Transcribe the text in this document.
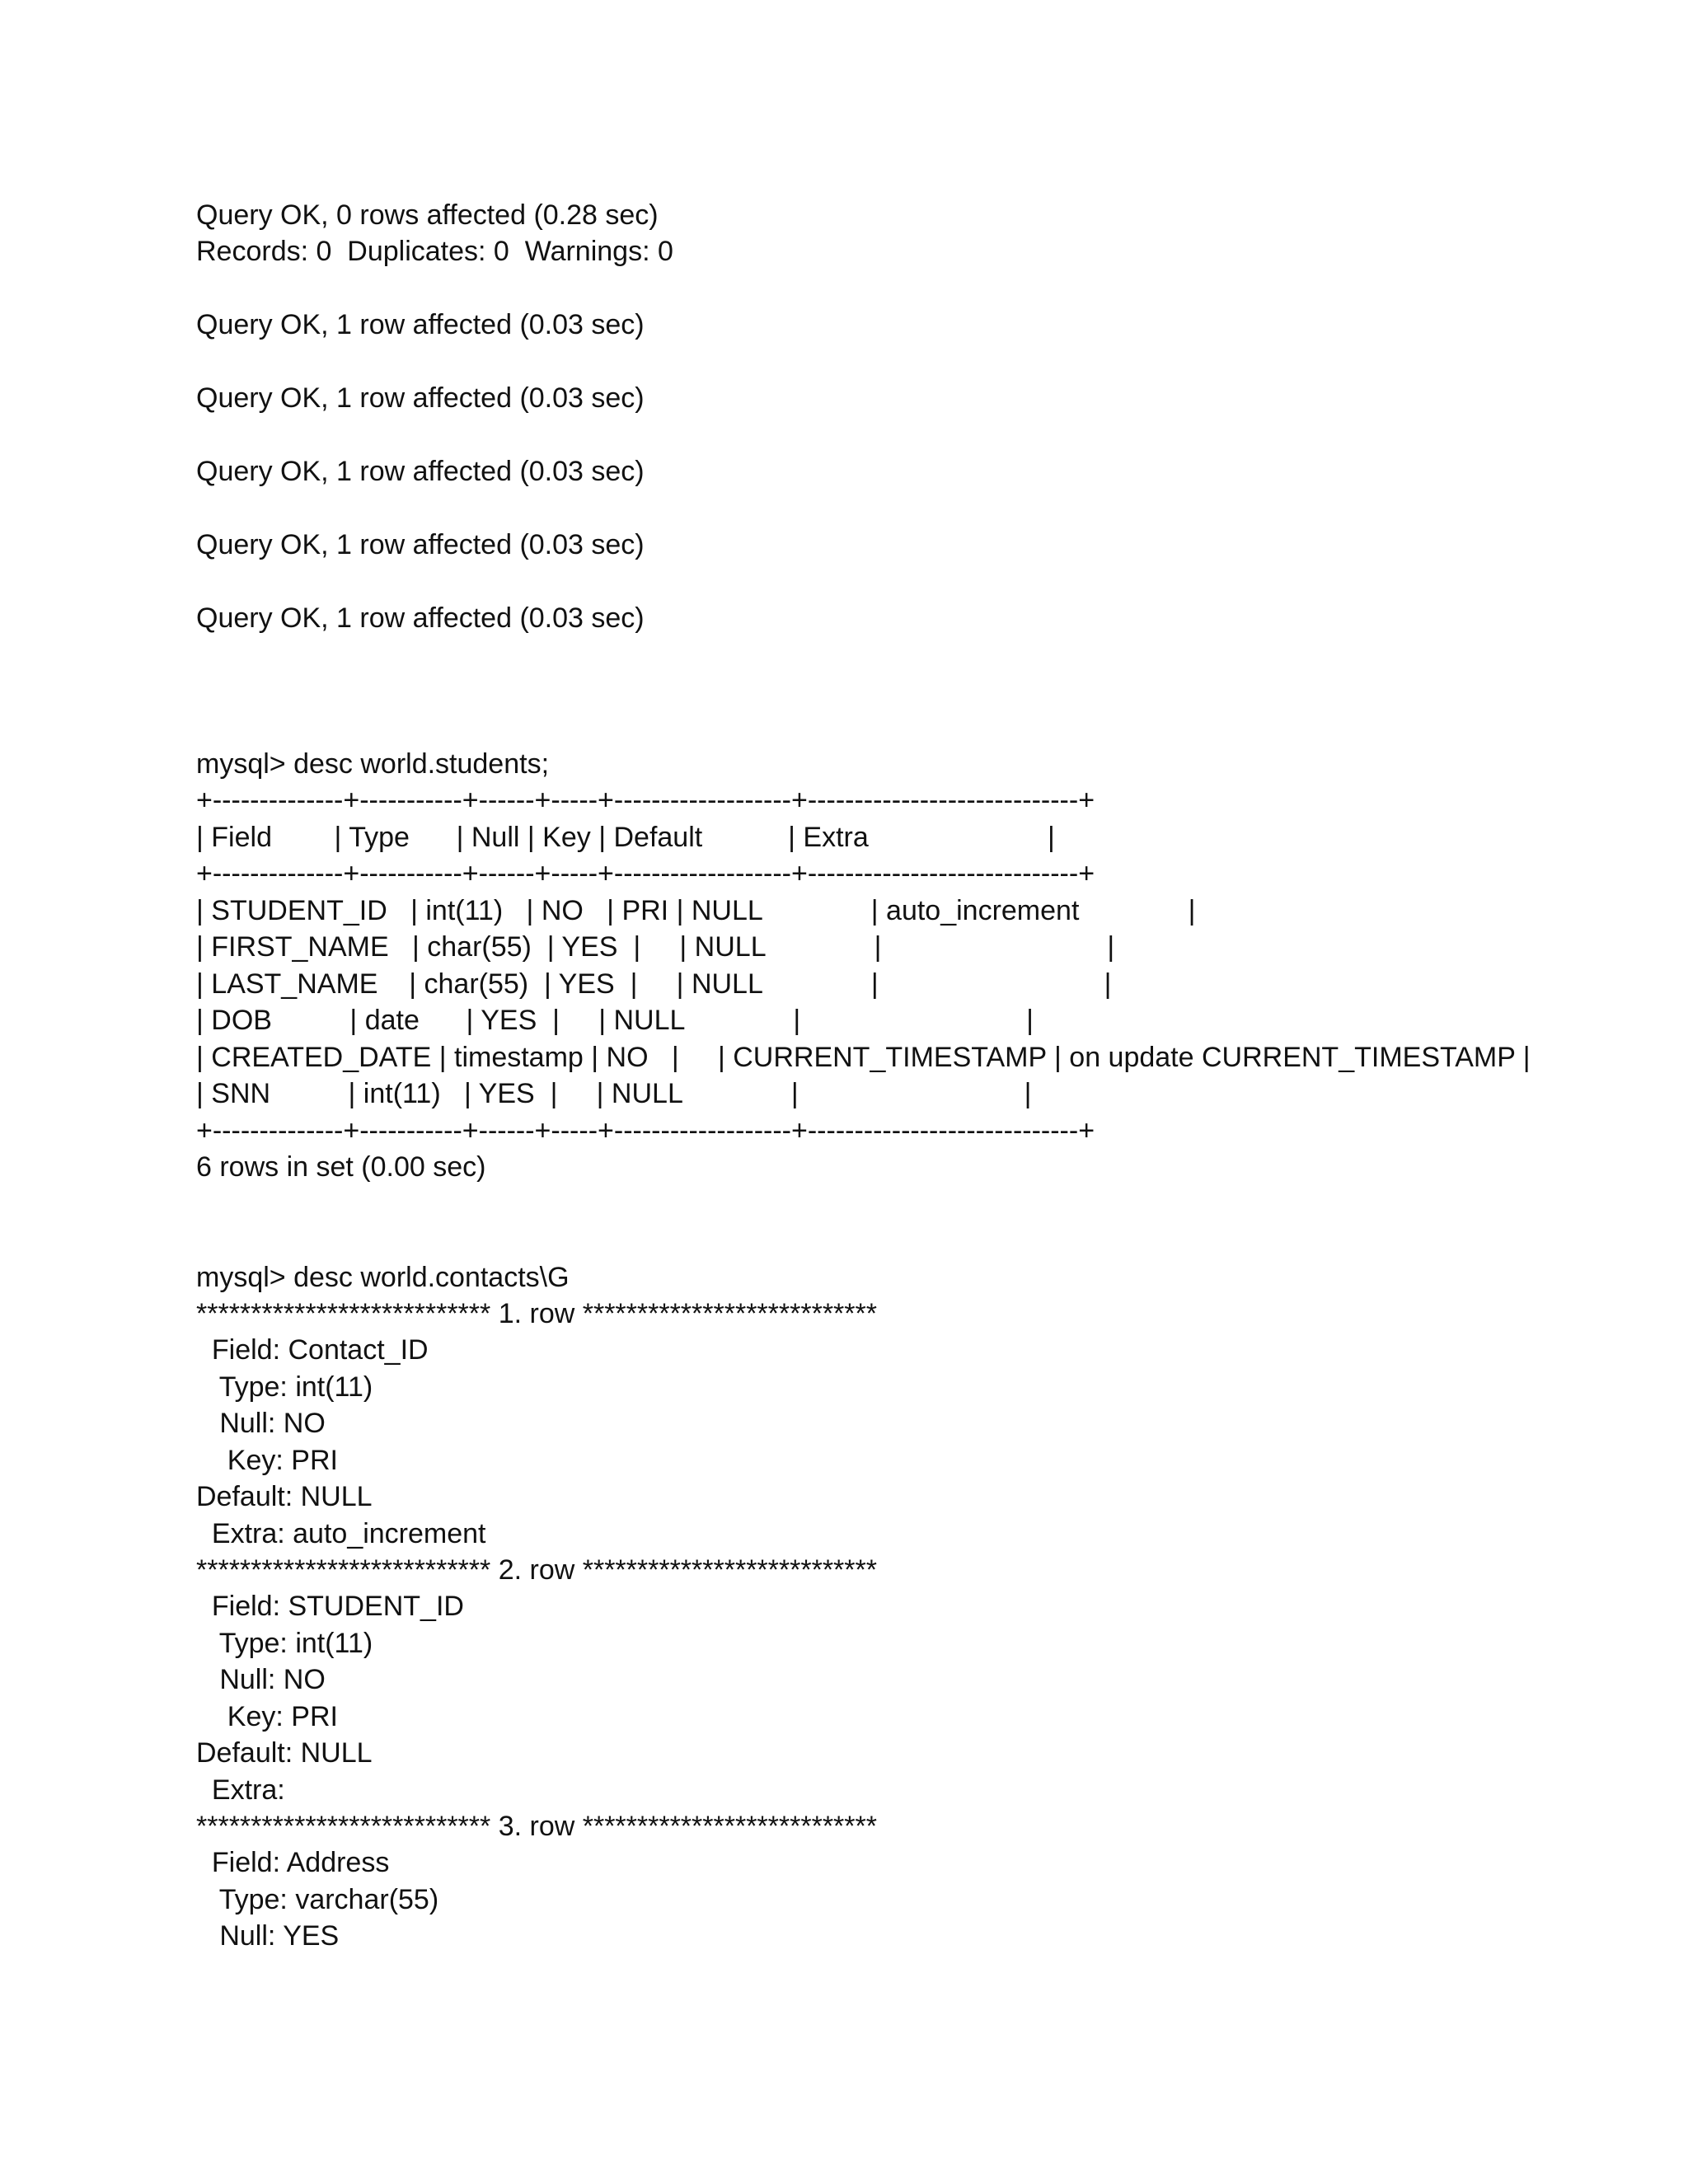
Query OK, 0 rows affected (0.28 sec)

Records: 0  Duplicates: 0  Warnings: 0

Query OK, 1 row affected (0.03 sec)

Query OK, 1 row affected (0.03 sec)

Query OK, 1 row affected (0.03 sec)

Query OK, 1 row affected (0.03 sec)

Query OK, 1 row affected (0.03 sec)

mysql> desc world.students;

+--------------+-----------+------+-----+-------------------+-----------------------------+

| Field        | Type      | Null | Key | Default           | Extra                       |

+--------------+-----------+------+-----+-------------------+-----------------------------+

| STUDENT_ID   | int(11)   | NO   | PRI | NULL              | auto_increment              |

| FIRST_NAME   | char(55)  | YES  |     | NULL              |                             |

| LAST_NAME    | char(55)  | YES  |     | NULL              |                             |

| DOB          | date      | YES  |     | NULL              |                             |

| CREATED_DATE | timestamp | NO   |     | CURRENT_TIMESTAMP | on update CURRENT_TIMESTAMP |

| SNN          | int(11)   | YES  |     | NULL              |                             |

+--------------+-----------+------+-----+-------------------+-----------------------------+

6 rows in set (0.00 sec)

mysql> desc world.contacts\G

*************************** 1. row ***************************

Field: Contact_ID

Type: int(11)

Null: NO

Key: PRI

Default: NULL

Extra: auto_increment

*************************** 2. row ***************************

Field: STUDENT_ID

Type: int(11)

Null: NO

Key: PRI

Default: NULL

Extra:

*************************** 3. row ***************************

Field: Address

Type: varchar(55)

Null: YES
